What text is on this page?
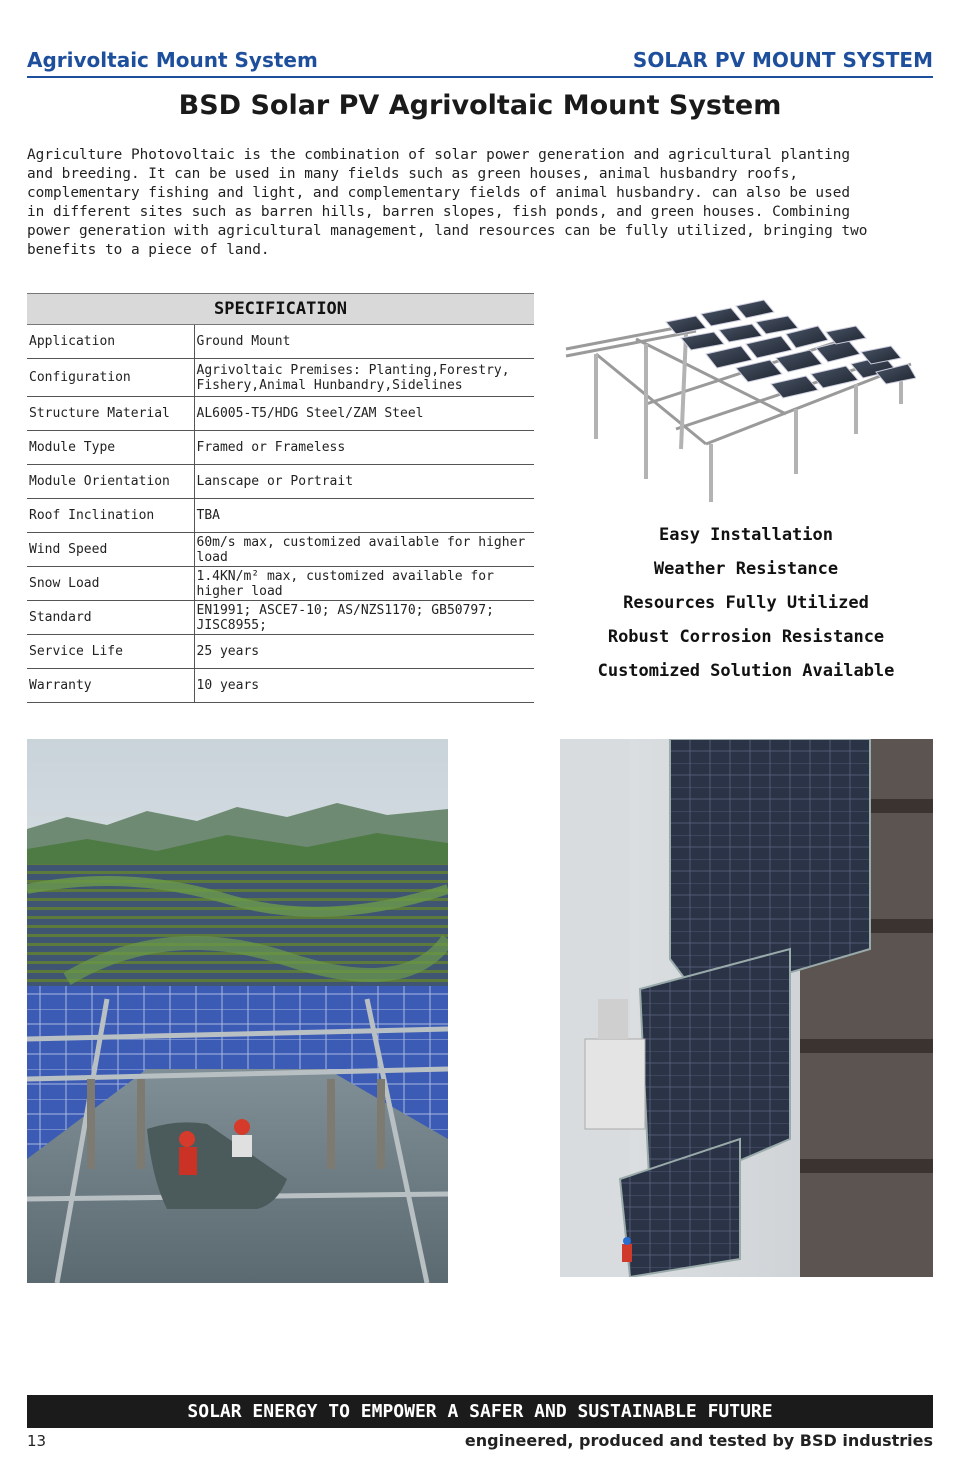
Agrivoltaic Mount System	SOLAR PV MOUNT SYSTEM
BSD Solar PV Agrivoltaic Mount System

Agriculture Photovoltaic is the combination of solar power generation and agricultural planting
and breeding. It can be used in many fields such as green houses, animal husbandry roofs,
complementary fishing and light, and complementary fields of animal husbandry. can also be used
in different sites such as barren hills, barren slopes, fish ponds, and green houses. Combining
power generation with agricultural management, land resources can be fully utilized, bringing two
benefits to a piece of land.

SPECIFICATION	
Application	Ground Mount
Configuration	Agrivoltaic Premises: Planting,Forestry, Fishery,Animal Hunbandry,Sidelines
Structure Material	AL6005-T5/HDG Steel/ZAM Steel
Module Type	Framed or Frameless
Module Orientation	Lanscape or Portrait
Roof Inclination	TBA
Wind Speed	60m/s max, customized available for higher load
Snow Load	1.4KN/m² max, customized available for higher load
Standard	EN1991; ASCE7-10; AS/NZS1170; GB50797; JISC8955;
Service Life	25 years
Warranty	10 years
Easy Installation
Weather Resistance
Resources Fully Utilized
Robust Corrosion Resistance
Customized Solution Available
SOLAR ENERGY TO EMPOWER A SAFER AND SUSTAINABLE FUTURE
13	engineered, produced and tested by BSD industries
